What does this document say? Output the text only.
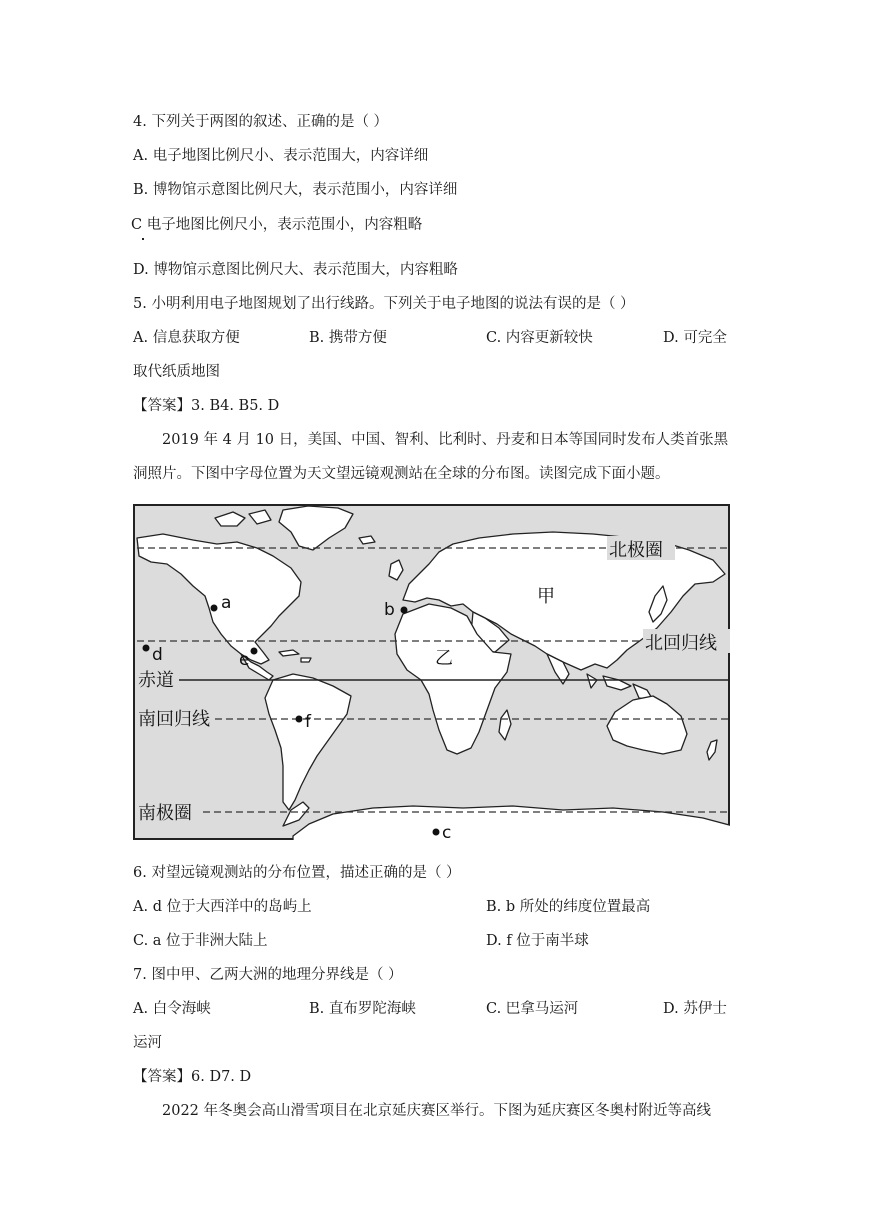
4. 下列关于两图的叙述、正确的是（ ）
A. 电子地图比例尺小、表示范围大，内容详细
B. 博物馆示意图比例尺大，表示范围小，内容详细
C 电子地图比例尺小，表示范围小，内容粗略
D. 博物馆示意图比例尺大、表示范围大，内容粗略
5. 小明利用电子地图规划了出行线路。下列关于电子地图的说法有误的是（ ）
A. 信息获取方便	B. 携带方便	C. 内容更新较快	D. 可完全
取代纸质地图
【答案】3. B4. B5. D
2019 年 4 月 10 日，美国、中国、智利、比利时、丹麦和日本等国同时发布人类首张黑
洞照片。下图中字母位置为天文望远镜观测站在全球的分布图。读图完成下面小题。
北极圈
北回归线
赤道
南回归线
南极圈
甲
乙
a	b
c
d	e
f
6. 对望远镜观测站的分布位置，描述正确的是（ ）
A. d 位于大西洋中的岛屿上	B. b 所处的纬度位置最高
C. a 位于非洲大陆上	D. f 位于南半球
7. 图中甲、乙两大洲的地理分界线是（ ）
A. 白令海峡	B. 直布罗陀海峡	C. 巴拿马运河	D. 苏伊士
运河
【答案】6. D7. D
2022 年冬奥会高山滑雪项目在北京延庆赛区举行。下图为延庆赛区冬奥村附近等高线
